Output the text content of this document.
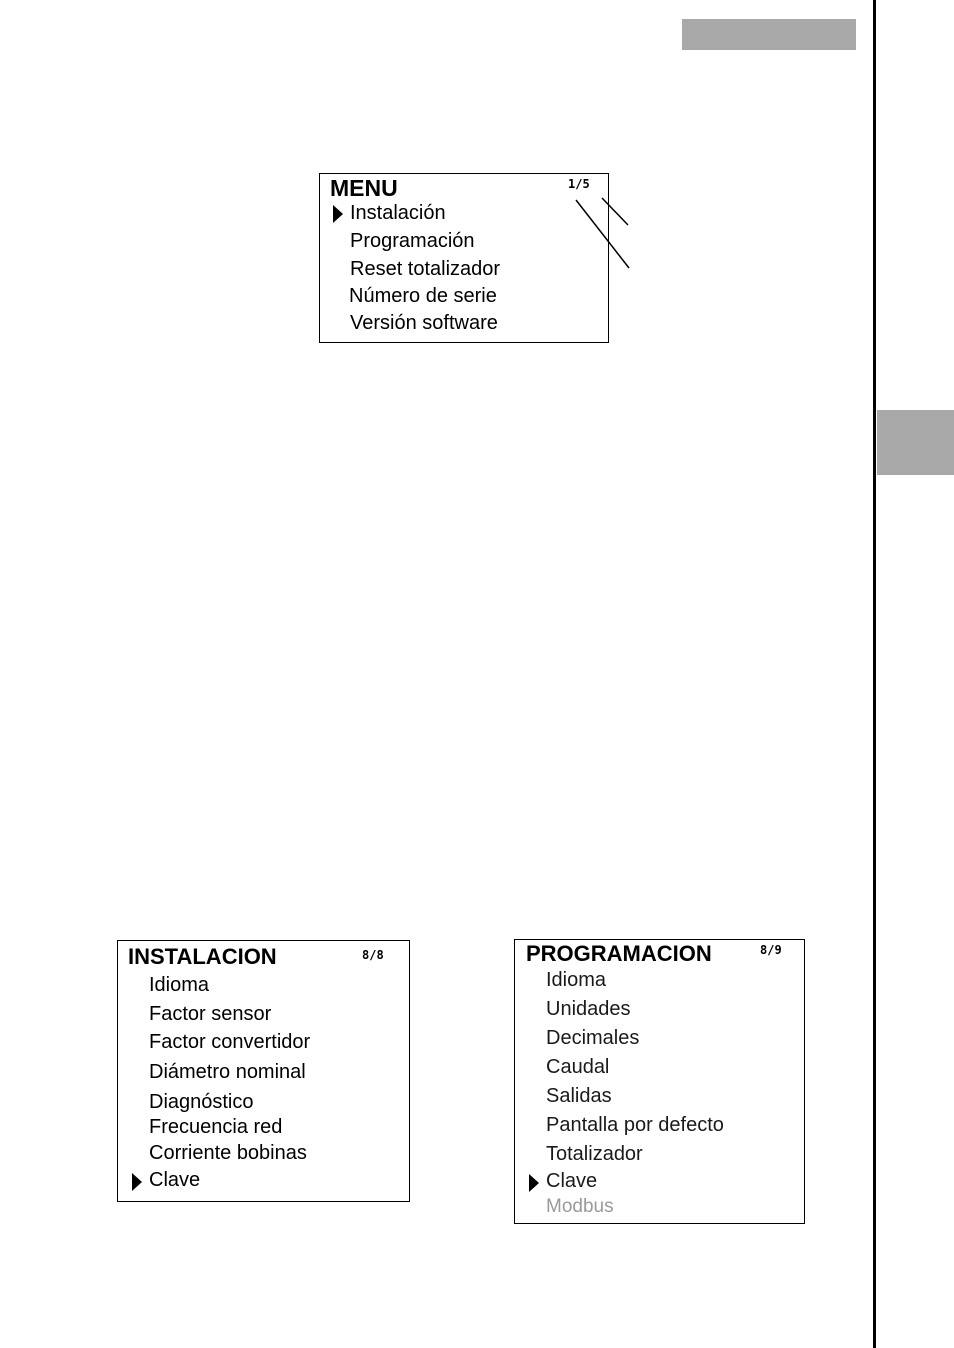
MENU	1/5
Instalación
Programación
Reset totalizador
Número de serie
Versión software
INSTALACION	8/8
Idioma
Factor sensor
Factor convertidor
Diámetro nominal
Diagnóstico
Frecuencia red
Corriente bobinas
Clave
PROGRAMACION	8/9
Idioma
Unidades
Decimales
Caudal
Salidas
Pantalla por defecto
Totalizador
Clave
Modbus
